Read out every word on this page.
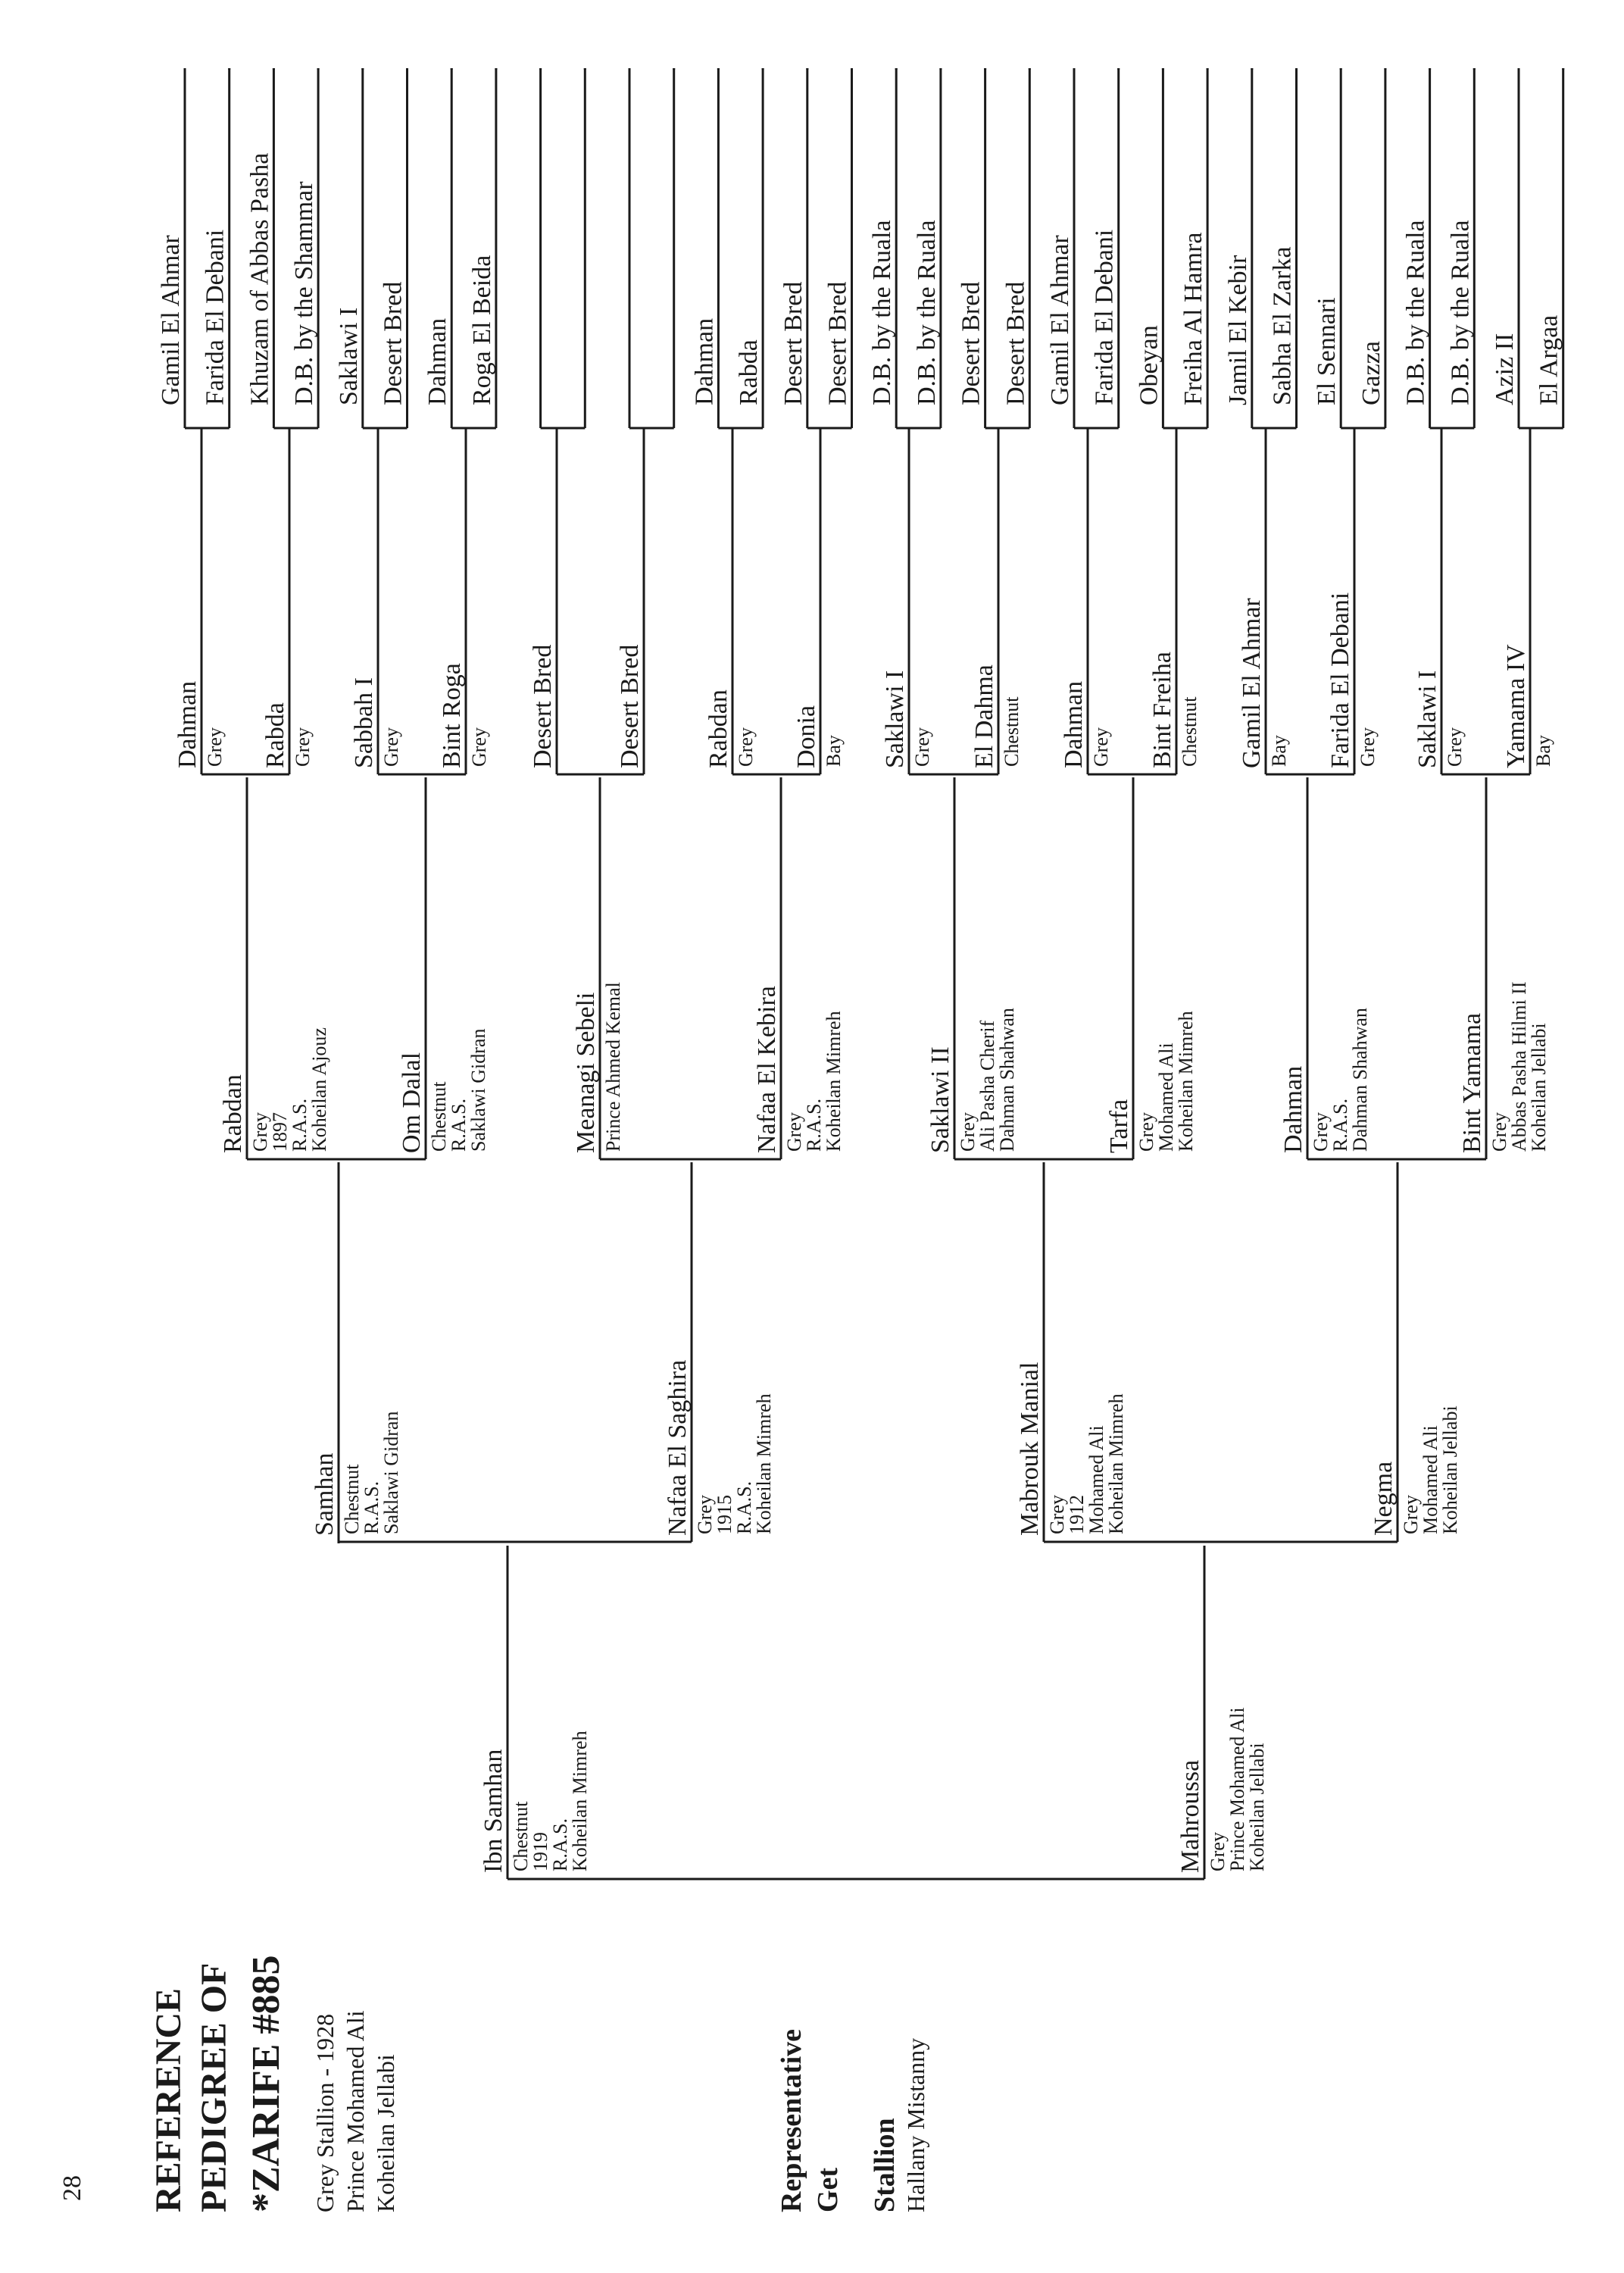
28 REFERENCE PEDIGREE OF *ZARIFE #885 Grey Stallion - 1928 Prince Mohamed Ali Koheilan Jellabi	Representative Get Stallion Hallany Mistanny
Ibn Samhan Chestnut
1919
R.A.S.
Koheilan Mimreh	Mahroussa Grey
Prince Mohamed Ali
Koheilan Jellabi
Samhan Chestnut
R.A.S.
Saklawi Gidran	Nafaa El Saghira Grey
1915
R.A.S.
Koheilan Mimreh	Mabrouk Manial Grey
1912
Mohamed Ali
Koheilan Mimreh	Negma Grey
Mohamed Ali
Koheilan Jellabi
Rabdan Grey
1897
R.A.S.
Koheilan Ajouz	Om Dalal Chestnut
R.A.S.
Saklawi Gidran	Meanagi Sebeli Prince Ahmed Kemal	Nafaa El Kebira Grey
R.A.S.
Koheilan Mimreh	Saklawi II Grey
Ali Pasha Cherif
Dahman Shahwan	Tarfa Grey
Mohamed Ali
Koheilan Mimreh	Dahman Grey
R.A.S.
Dahman Shahwan	Bint Yamama Grey
Abbas Pasha Hilmi II
Koheilan Jellabi
Dahman Grey Rabda Grey Sabbah I Grey Bint Roga Grey Desert Bred Desert Bred Rabdan Grey Donia Bay Saklawi I Grey El Dahma Chestnut Dahman Grey Bint Freiha Chestnut Gamil El Ahmar Bay Farida El Debani Grey Saklawi I Grey Yamama IV Bay
Gamil El Ahmar Farida El Debani Khuzam of Abbas Pasha D.B. by the Shammar Saklawi I Desert Bred Dahman Roga El Beida	Dahman Rabda Desert Bred Desert Bred D.B. by the Ruala D.B. by the Ruala Desert Bred Desert Bred Gamil El Ahmar Farida El Debani Obeyan Freiha Al Hamra Jamil El Kebir Sabha El Zarka El Sennari Gazza D.B. by the Ruala D.B. by the Ruala Aziz II El Argaa
